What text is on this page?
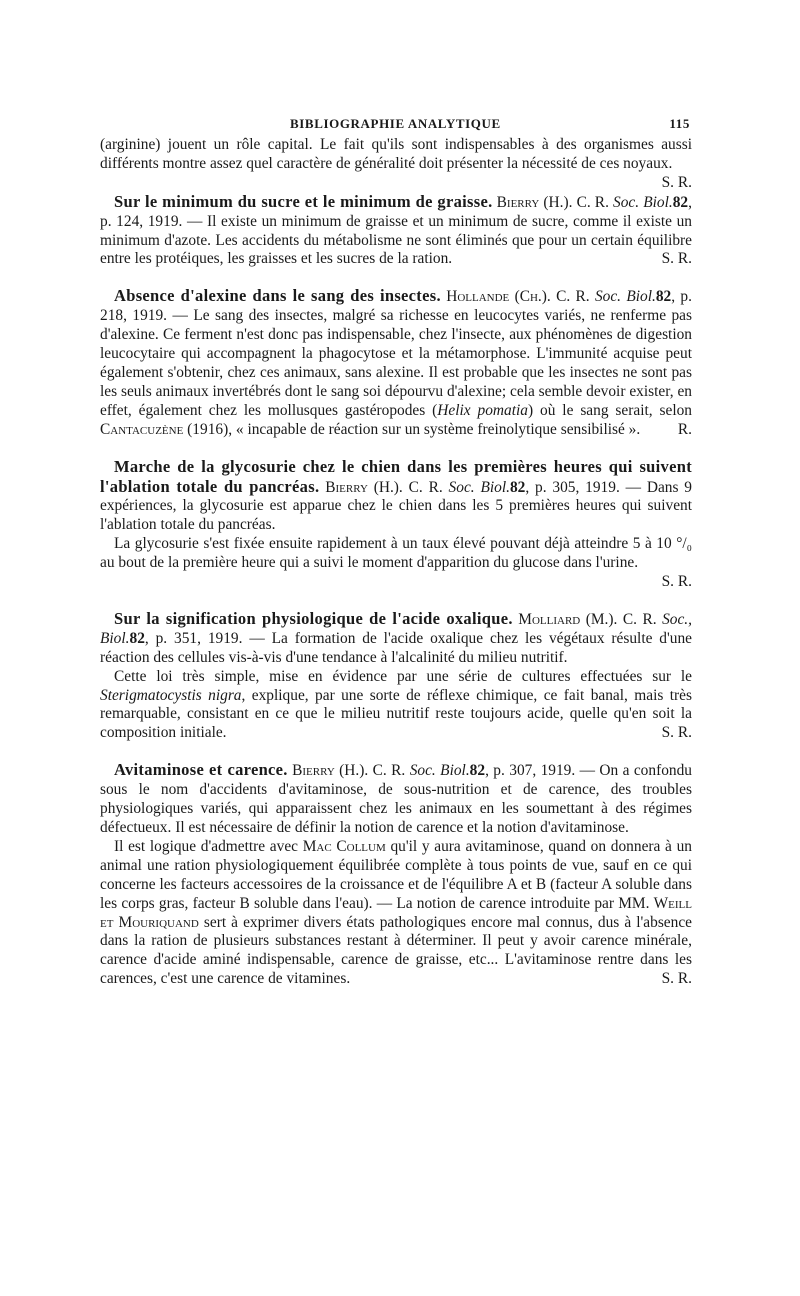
BIBLIOGRAPHIE ANALYTIQUE	115

(arginine) jouent un rôle capital. Le fait qu'ils sont indispensables à des organismes aussi différents montre assez quel caractère de généralité doit présenter la nécessité de ces noyaux.
S. R.

Sur le minimum du sucre et le minimum de graisse. Bierry (H.). C. R. Soc. Biol.82, p. 124, 1919. — Il existe un minimum de graisse et un minimum de sucre, comme il existe un minimum d'azote. Les accidents du métabolisme ne sont éliminés que pour un certain équilibre entre les protéiques, les graisses et les sucres de la ration.	S. R.

Absence d'alexine dans le sang des insectes. Hollande (Ch.). C. R. Soc. Biol.82, p. 218, 1919. — Le sang des insectes, malgré sa richesse en leucocytes variés, ne renferme pas d'alexine. Ce ferment n'est donc pas indispensable, chez l'insecte, aux phénomènes de digestion leucocytaire qui accompagnent la phagocytose et la métamorphose. L'immunité acquise peut également s'obtenir, chez ces animaux, sans alexine. Il est probable que les insectes ne sont pas les seuls animaux invertébrés dont le sang soi dépourvu d'alexine; cela semble devoir exister, en effet, également chez les mollusques gastéropodes (Helix pomatia) où le sang serait, selon Cantacuzène (1916), « incapable de réaction sur un système freinolytique sensibilisé ».	R.

Marche de la glycosurie chez le chien dans les premières heures qui suivent l'ablation totale du pancréas. Bierry (H.). C. R. Soc. Biol.82, p. 305, 1919. — Dans 9 expériences, la glycosurie est apparue chez le chien dans les 5 premières heures qui suivent l'ablation totale du pancréas.

La glycosurie s'est fixée ensuite rapidement à un taux élevé pouvant déjà atteindre 5 à 10 °/₀ au bout de la première heure qui a suivi le moment d'apparition du glucose dans l'urine.
S. R.

Sur la signification physiologique de l'acide oxalique. Molliard (M.). C. R. Soc., Biol.82, p. 351, 1919. — La formation de l'acide oxalique chez les végétaux résulte d'une réaction des cellules vis-à-vis d'une tendance à l'alcalinité du milieu nutritif.

Cette loi très simple, mise en évidence par une série de cultures effectuées sur le Sterigmatocystis nigra, explique, par une sorte de réflexe chimique, ce fait banal, mais très remarquable, consistant en ce que le milieu nutritif reste toujours acide, quelle qu'en soit la composition initiale.	S. R.

Avitaminose et carence. Bierry (H.). C. R. Soc. Biol.82, p. 307, 1919. — On a confondu sous le nom d'accidents d'avitaminose, de sous-nutrition et de carence, des troubles physiologiques variés, qui apparaissent chez les animaux en les soumettant à des régimes défectueux. Il est nécessaire de définir la notion de carence et la notion d'avitaminose.

Il est logique d'admettre avec Mac Collum qu'il y aura avitaminose, quand on donnera à un animal une ration physiologiquement équilibrée complète à tous points de vue, sauf en ce qui concerne les facteurs accessoires de la croissance et de l'équilibre A et B (facteur A soluble dans les corps gras, facteur B soluble dans l'eau). — La notion de carence introduite par MM. Weill et Mouriquand sert à exprimer divers états pathologiques encore mal connus, dus à l'absence dans la ration de plusieurs substances restant à déterminer. Il peut y avoir carence minérale, carence d'acide aminé indispensable, carence de graisse, etc... L'avitaminose rentre dans les carences, c'est une carence de vitamines.	S. R.
